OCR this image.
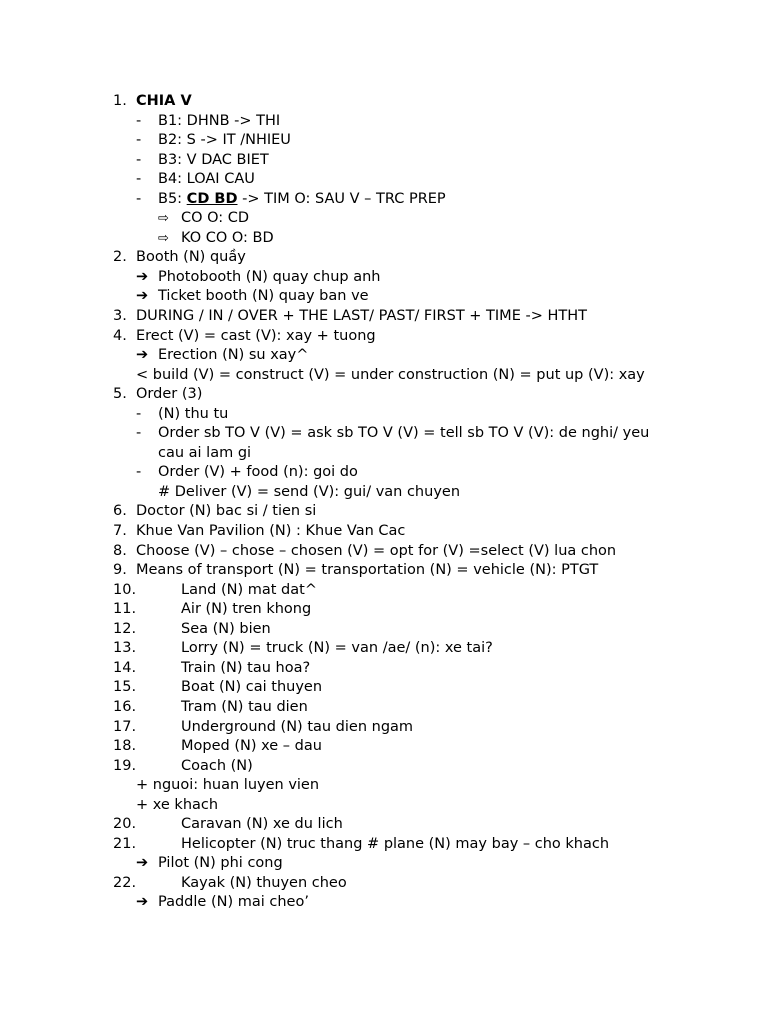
1. CHIA V
- B1: DHNB -> THI
- B2: S -> IT /NHIEU
- B3: V DAC BIET
- B4: LOAI CAU
- B5: CD BD -> TIM O: SAU V – TRC PREP
⇨ CO O: CD
⇨ KO CO O: BD
2. Booth (N) quầy
➔ Photobooth (N) quay chup anh
➔ Ticket booth (N) quay ban ve
3. DURING / IN / OVER + THE LAST/ PAST/ FIRST + TIME -> HTHT
4. Erect (V) = cast (V): xay + tuong
➔ Erection (N) su xay^
< build (V) = construct (V) = under construction (N) = put up (V): xay
5. Order (3)
- (N) thu tu
- Order sb TO V (V) = ask sb TO V (V) = tell sb TO V (V): de nghi/ yeu
cau ai lam gi
- Order (V) + food (n): goi do
# Deliver (V) = send (V): gui/ van chuyen
6. Doctor (N) bac si / tien si
7. Khue Van Pavilion (N) : Khue Van Cac
8. Choose (V) – chose – chosen (V) = opt for (V) =select (V) lua chon
9. Means of transport (N) = transportation (N) = vehicle (N): PTGT
10.	Land (N) mat dat^
11.	Air (N) tren khong
12.	Sea (N) bien
13.	Lorry (N) = truck (N) = van /ae/ (n): xe tai?
14.	Train (N) tau hoa?
15.	Boat (N) cai thuyen
16.	Tram (N) tau dien
17.	Underground (N) tau dien ngam
18.	Moped (N) xe – dau
19.	Coach (N)
+ nguoi: huan luyen vien
+ xe khach
20.	Caravan (N) xe du lich
21.	Helicopter (N) truc thang # plane (N) may bay – cho khach
➔ Pilot (N) phi cong
22.	Kayak (N) thuyen cheo
➔ Paddle (N) mai cheo’
